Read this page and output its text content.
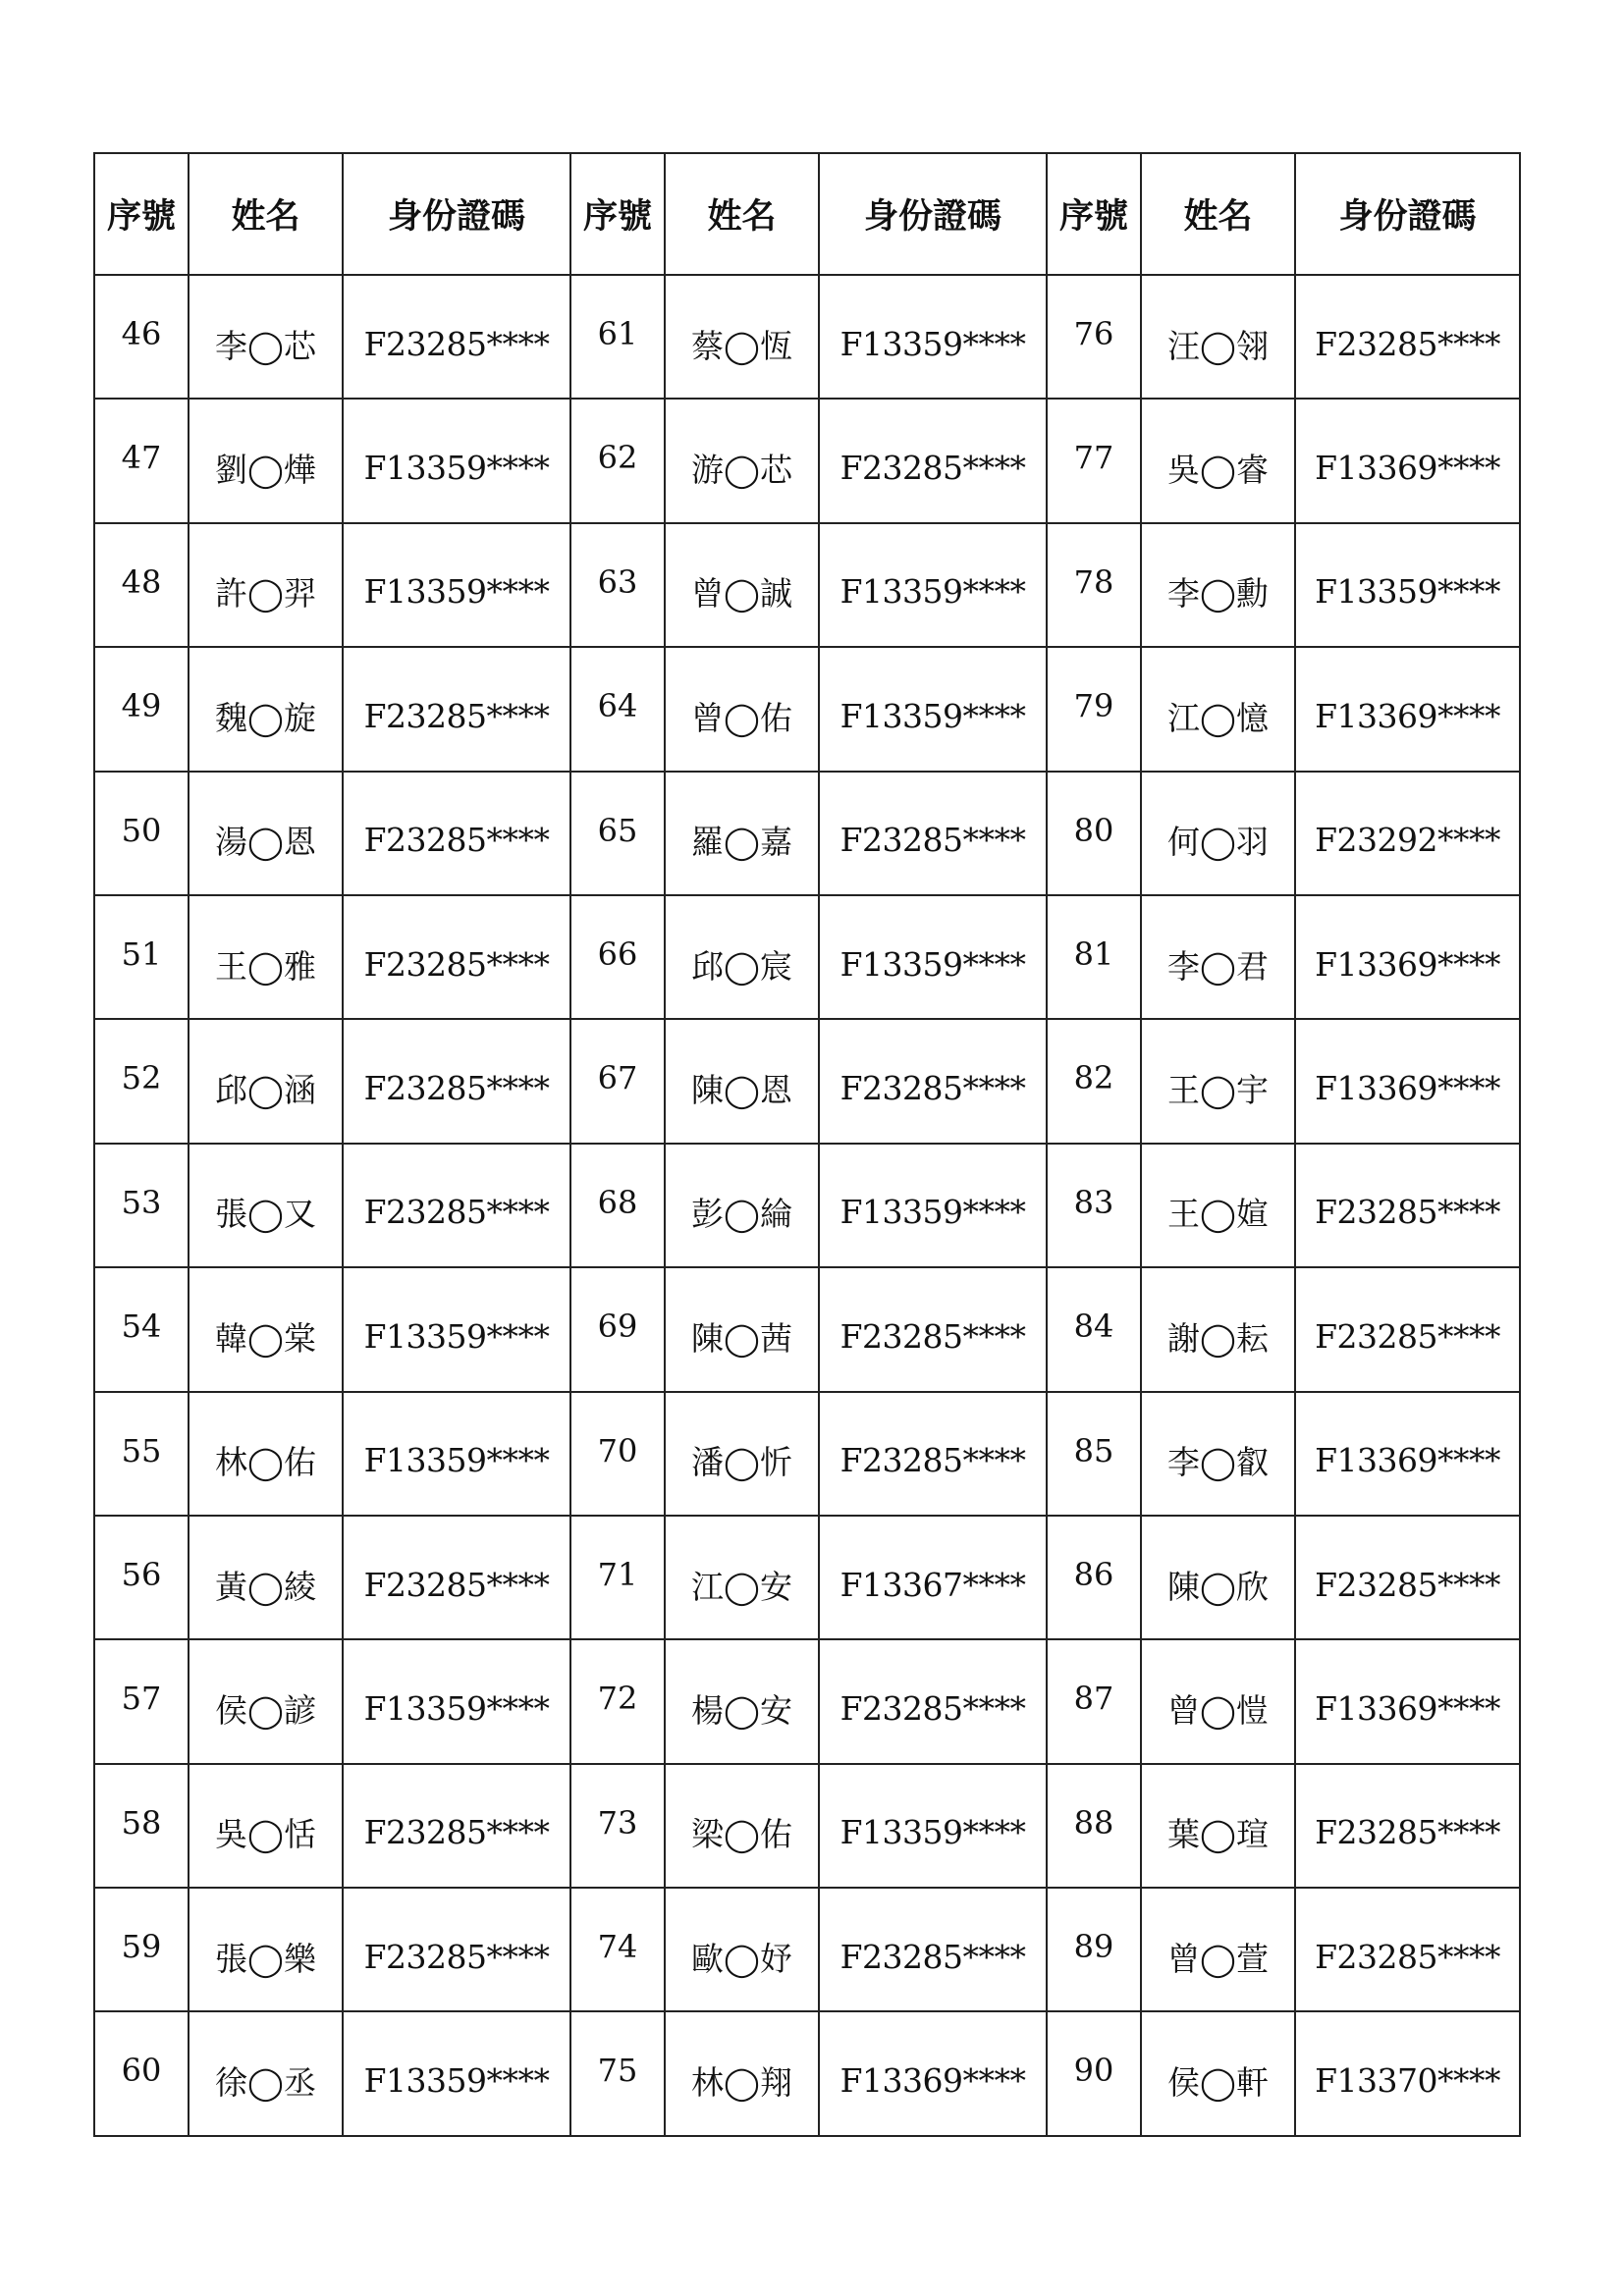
序號	姓名	身份證碼	序號	姓名	身份證碼	序號	姓名	身份證碼
46	李◯芯	F23285****	61	蔡◯恆	F13359****	76	汪◯翎	F23285****
47	劉◯燁	F13359****	62	游◯芯	F23285****	77	吳◯睿	F13369****
48	許◯羿	F13359****	63	曾◯誠	F13359****	78	李◯勳	F13359****
49	魏◯旋	F23285****	64	曾◯佑	F13359****	79	江◯憶	F13369****
50	湯◯恩	F23285****	65	羅◯嘉	F23285****	80	何◯羽	F23292****
51	王◯雅	F23285****	66	邱◯宸	F13359****	81	李◯君	F13369****
52	邱◯涵	F23285****	67	陳◯恩	F23285****	82	王◯宇	F13369****
53	張◯又	F23285****	68	彭◯綸	F13359****	83	王◯媗	F23285****
54	韓◯棠	F13359****	69	陳◯茜	F23285****	84	謝◯耘	F23285****
55	林◯佑	F13359****	70	潘◯忻	F23285****	85	李◯叡	F13369****
56	黃◯綾	F23285****	71	江◯安	F13367****	86	陳◯欣	F23285****
57	侯◯諺	F13359****	72	楊◯安	F23285****	87	曾◯愷	F13369****
58	吳◯恬	F23285****	73	梁◯佑	F13359****	88	葉◯瑄	F23285****
59	張◯樂	F23285****	74	歐◯妤	F23285****	89	曾◯萱	F23285****
60	徐◯丞	F13359****	75	林◯翔	F13369****	90	侯◯軒	F13370****
